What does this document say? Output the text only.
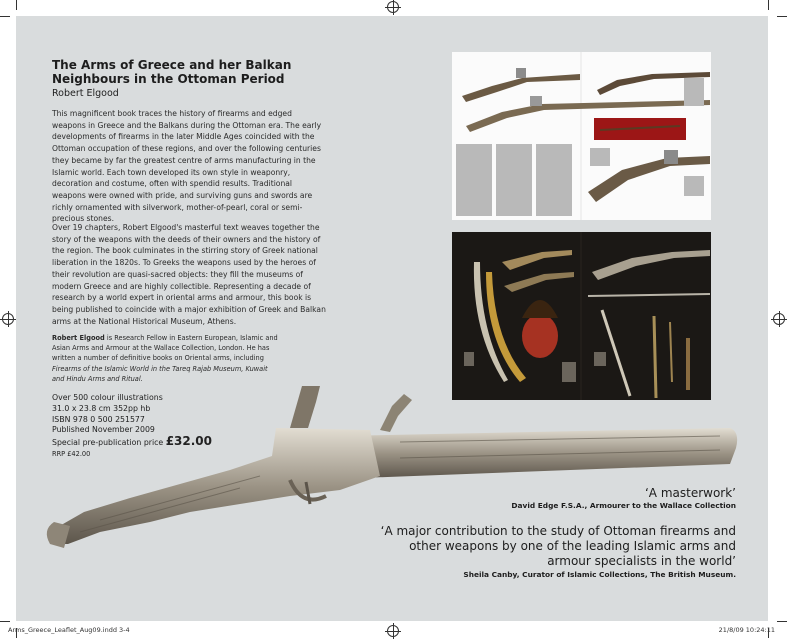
The Arms of Greece and her Balkan Neighbours in the Ottoman Period
Robert Elgood

This magnificent book traces the history of firearms and edged weapons in Greece and the Balkans during the Ottoman era. The early developments of firearms in the later Middle Ages coincided with the Ottoman occupation of these regions, and over the following centuries they became by far the greatest centre of arms manufacturing in the Islamic world. Each town developed its own style in weaponry, decoration and costume, often with spendid results. Traditional weapons were owned with pride, and surviving guns and swords are richly ornamented with silverwork, mother-of-pearl, coral or semi-precious stones.

Over 19 chapters, Robert Elgood's masterful text weaves together the story of the weapons with the deeds of their owners and the history of the region. The book culminates in the stirring story of Greek national liberation in the 1820s. To Greeks the weapons used by the heroes of their revolution are quasi-sacred objects: they fill the museums of modern Greece and are highly collectible. Representing a decade of research by a world expert in oriental arms and armour, this book is being published to coincide with a major exhibition of Greek and Balkan arms at the National Historical Museum, Athens.

Robert Elgood is Research Fellow in Eastern European, Islamic and Asian Arms and Armour at the Wallace Collection, London. He has written a number of definitive books on Oriental arms, including Firearms of the Islamic World in the Tareq Rajab Museum, Kuwait and Hindu Arms and Ritual.
Over 500 colour illustrations
31.0 x 23.8 cm 352pp hb
ISBN 978 0 500 251577
Published November 2009
Special pre-publication price £32.00
RRP £42.00
‘A masterwork’
David Edge F.S.A., Armourer to the Wallace Collection
‘A major contribution to the study of Ottoman firearms and other weapons by one of the leading Islamic arms and armour specialists in the world’
Sheila Canby, Curator of Islamic Collections, The British Museum.
Arms_Greece_Leaflet_Aug09.indd 3-4	21/8/09 10:24:11
